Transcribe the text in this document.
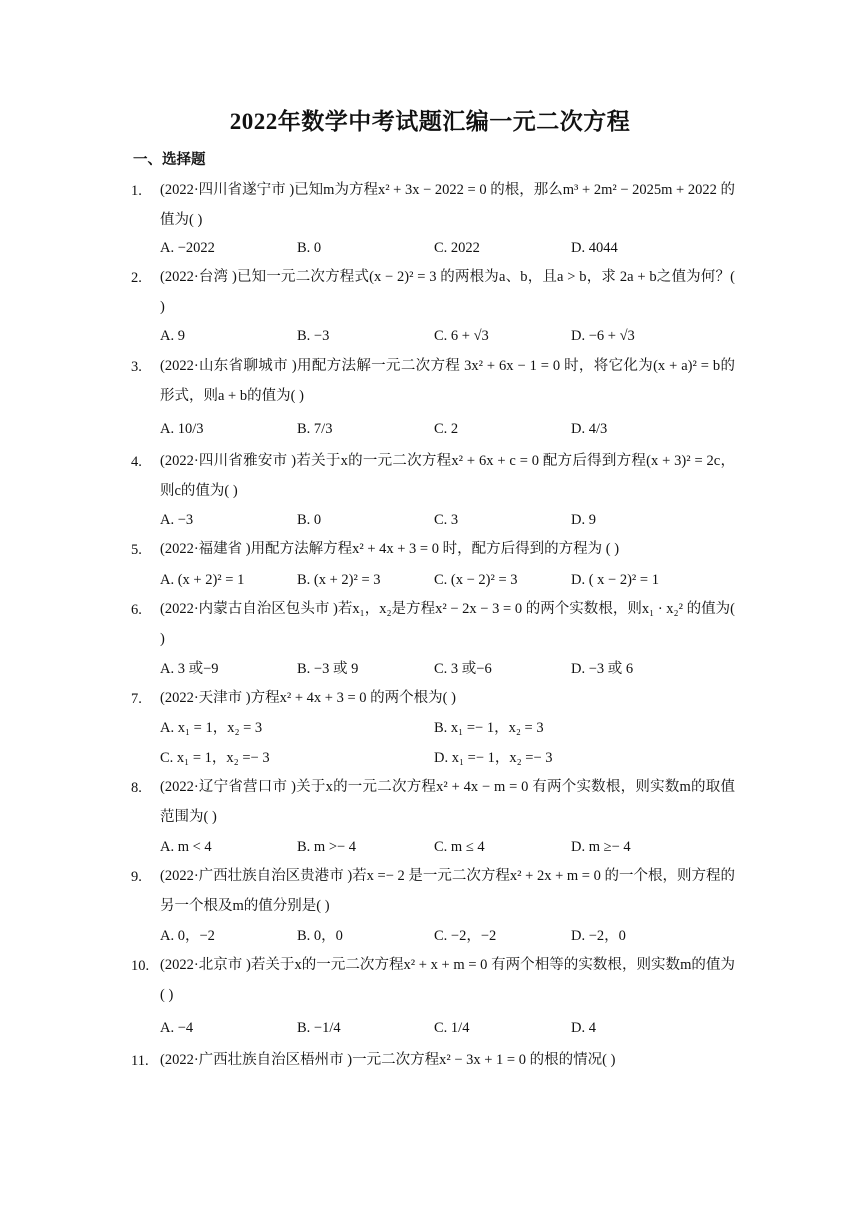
2022年数学中考试题汇编一元二次方程
一、选择题
1. (2022·四川省遂宁市 )已知m为方程x² + 3x − 2022 = 0 的根，那么m³ + 2m² − 2025m + 2022 的值为( )
A. −2022	B. 0	C. 2022	D. 4044
2. (2022·台湾 )已知一元二次方程式(x − 2)² = 3 的两根为a、b，且a > b，求 2a + b之值为何？( )
A. 9	B. −3	C. 6 + √3	D. −6 + √3
3. (2022·山东省聊城市 )用配方法解一元二次方程 3x² + 6x − 1 = 0 时，将它化为(x + a)² = b的形式，则a + b的值为( )
A. 10/3	B. 7/3	C. 2	D. 4/3
4. (2022·四川省雅安市 )若关于x的一元二次方程x² + 6x + c = 0 配方后得到方程(x + 3)² = 2c，则c的值为( )
A. −3	B. 0	C. 3	D. 9
5. (2022·福建省 )用配方法解方程x² + 4x + 3 = 0 时，配方后得到的方程为 ( )
A. (x + 2)² = 1	B. (x + 2)² = 3	C. (x − 2)² = 3	D. ( x − 2)² = 1
6. (2022·内蒙古自治区包头市 )若x₁，x₂是方程x² − 2x − 3 = 0 的两个实数根，则x₁ · x₂² 的值为( )
A. 3 或−9	B. −3 或 9	C. 3 或−6	D. −3 或 6
7. (2022·天津市 )方程x² + 4x + 3 = 0 的两个根为( )
A. x₁ = 1，x₂ = 3	B. x₁ =− 1，x₂ = 3
C. x₁ = 1，x₂ =− 3	D. x₁ =− 1，x₂ =− 3
8. (2022·辽宁省营口市 )关于x的一元二次方程x² + 4x − m = 0 有两个实数根，则实数m的取值范围为( )
A. m < 4	B. m >− 4	C. m ≤ 4	D. m ≥− 4
9. (2022·广西壮族自治区贵港市 )若x =− 2 是一元二次方程x² + 2x + m = 0 的一个根，则方程的另一个根及m的值分别是( )
A. 0，−2	B. 0，0	C. −2，−2	D. −2，0
10. (2022·北京市 )若关于x的一元二次方程x² + x + m = 0 有两个相等的实数根，则实数m的值为( )
A. −4	B. −1/4	C. 1/4	D. 4
11. (2022·广西壮族自治区梧州市 )一元二次方程x² − 3x + 1 = 0 的根的情况( )
